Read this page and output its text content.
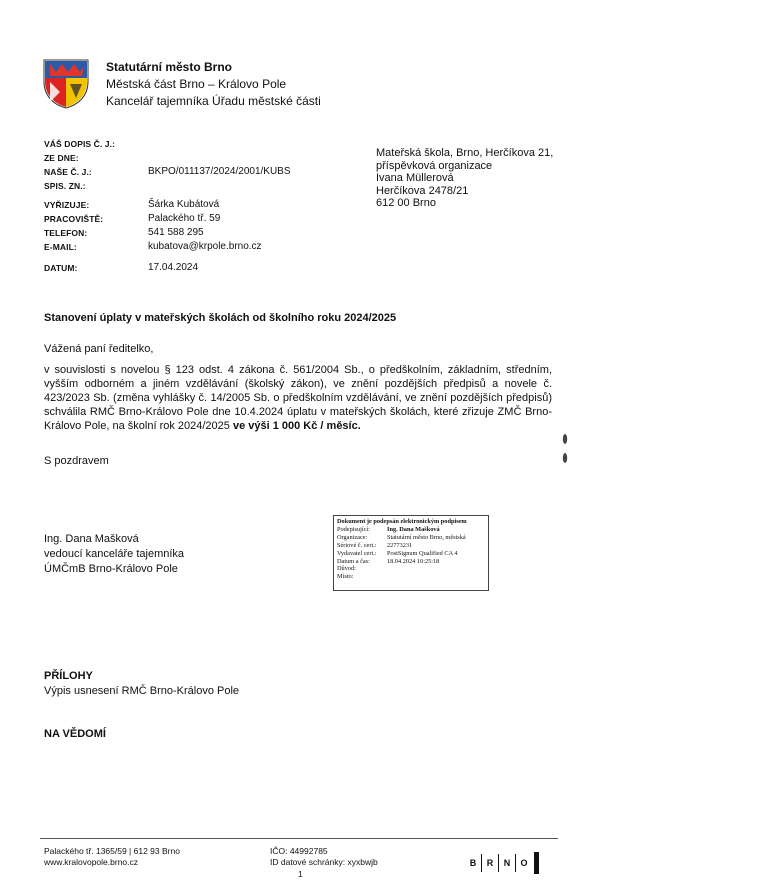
Statutární město Brno
Městská část Brno – Královo Pole
Kancelář tajemníka Úřadu městské části
VÁŠ DOPIS Č. J.:
ZE DNE:
NAŠE Č. J.:	BKPO/011137/2024/2001/KUBS
SPIS. ZN.:
VYŘIZUJE:	Šárka Kubátová
PRACOVIŠTĚ:	Palackého tř. 59
TELEFON:	541 588 295
E-MAIL:	kubatova@krpole.brno.cz
DATUM:	17.04.2024
Mateřská škola, Brno, Herčíkova 21,
příspěvková organizace
Ivana Müllerová
Herčíkova 2478/21
612 00 Brno
Stanovení úplaty v mateřských školách od školního roku 2024/2025
Vážená paní ředitelko,
v souvislosti s novelou § 123 odst. 4 zákona č. 561/2004 Sb., o předškolním, základním, středním, vyšším odborném a jiném vzdělávání (školský zákon), ve znění pozdějších předpisů a novele č. 423/2023 Sb. (změna vyhlášky č. 14/2005 Sb. o předškolním vzdělávání, ve znění pozdějších předpisů) schválila RMČ Brno-Královo Pole dne 10.4.2024 úplatu v mateřských školách, které zřizuje ZMČ Brno-Královo Pole, na školní rok 2024/2025 ve výši 1 000 Kč / měsíc.
S pozdravem
Ing. Dana Mašková
vedoucí kanceláře tajemníka
ÚMČmB Brno-Královo Pole
Dokument je podepsán elektronickým podpisem
Podepisující:	Ing. Dana Mašková
Organizace:	Statutární město Brno, městská
Sériové č. cert.:	22773231
Vydavatel cert.:	PostSignum Qualified CA 4
Datum a čas:	18.04.2024 10:25:18
Důvod:
Místo:
PŘÍLOHY
Výpis usnesení RMČ Brno-Královo Pole
NA VĚDOMÍ
Palackého tř. 1365/59 | 612 93 Brno
www.kralovopole.brno.cz
IČO: 44992785
ID datové schránky: xyxbwjb
1
B	R	N	O
